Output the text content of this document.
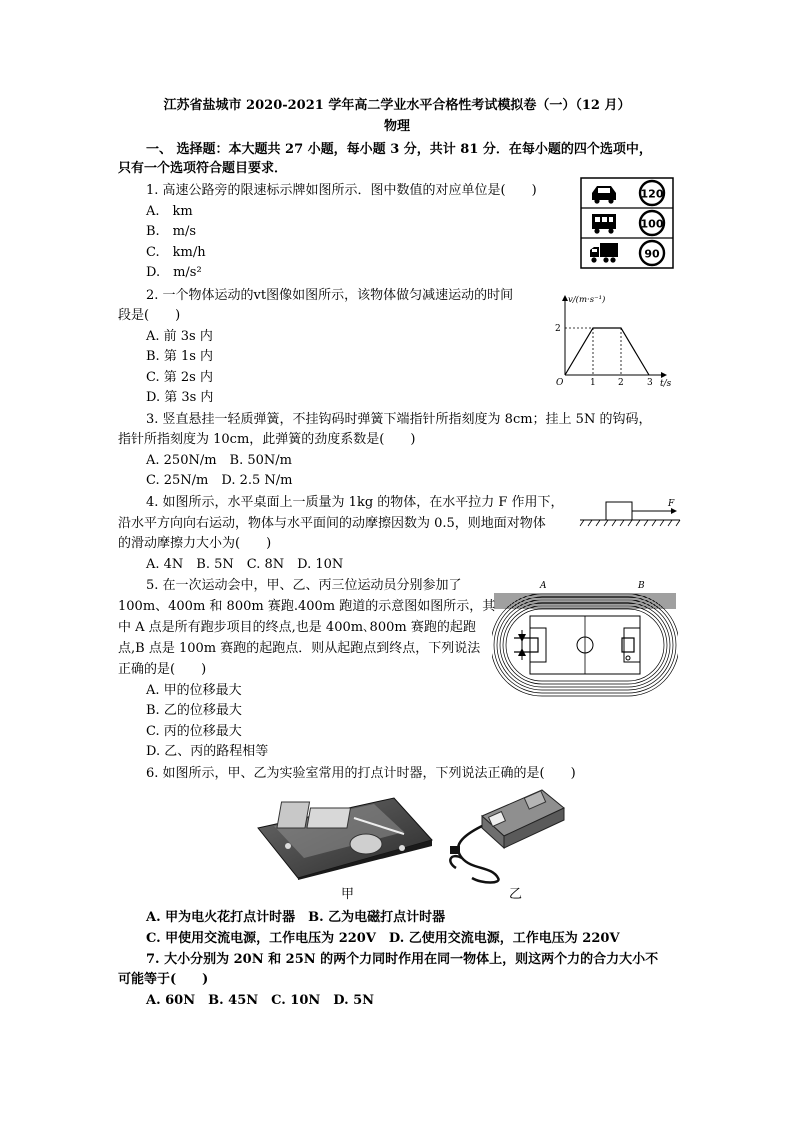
江苏省盐城市 2020-2021 学年高二学业水平合格性考试模拟卷（一）（12 月）
物理
一、 选择题：本大题共 27 小题，每小题 3 分，共计 81 分．在每小题的四个选项中，
只有一个选项符合题目要求．
1. 高速公路旁的限速标示牌如图所示．图中数值的对应单位是(　　)
A.　km
B.　m/s
C.　km/h
D.　m/s²
120
100
90
2. 一个物体运动的vt图像如图所示，该物体做匀减速运动的时间
段是(　　)
A. 前 3s 内
B. 第 1s 内
C. 第 2s 内
D. 第 3s 内
v/(m·s⁻¹)
t/s
O
2
1 2	3
3. 竖直悬挂一轻质弹簧，不挂钩码时弹簧下端指针所指刻度为 8cm；挂上 5N 的钩码，
指针所指刻度为 10cm，此弹簧的劲度系数是(　　)
A. 250N/m　B. 50N/m
C. 25N/m　D. 2.5 N/m
4. 如图所示，水平桌面上一质量为 1kg 的物体，在水平拉力 F 作用下，
沿水平方向向右运动，物体与水平面间的动摩擦因数为 0.5，则地面对物体
的滑动摩擦力大小为(　　)
A. 4N　B. 5N　C. 8N　D. 10N
F
5. 在一次运动会中，甲、乙、丙三位运动员分别参加了
100m、400m 和 800m 赛跑.400m 跑道的示意图如图所示，其
中 A 点是所有跑步项目的终点,也是 400m､800m 赛跑的起跑
点,B 点是 100m 赛跑的起跑点．则从起跑点到终点，下列说法
正确的是(　　)
A. 甲的位移最大
B. 乙的位移最大
C. 丙的位移最大
D. 乙、丙的路程相等
A	B
6. 如图所示，甲、乙为实验室常用的打点计时器，下列说法正确的是(　　)
甲	乙
A. 甲为电火花打点计时器　B. 乙为电磁打点计时器
C. 甲使用交流电源，工作电压为 220V　D. 乙使用交流电源，工作电压为 220V
7. 大小分别为 20N 和 25N 的两个力同时作用在同一物体上，则这两个力的合力大小不
可能等于(　　)
A. 60N　B. 45N　C. 10N　D. 5N
